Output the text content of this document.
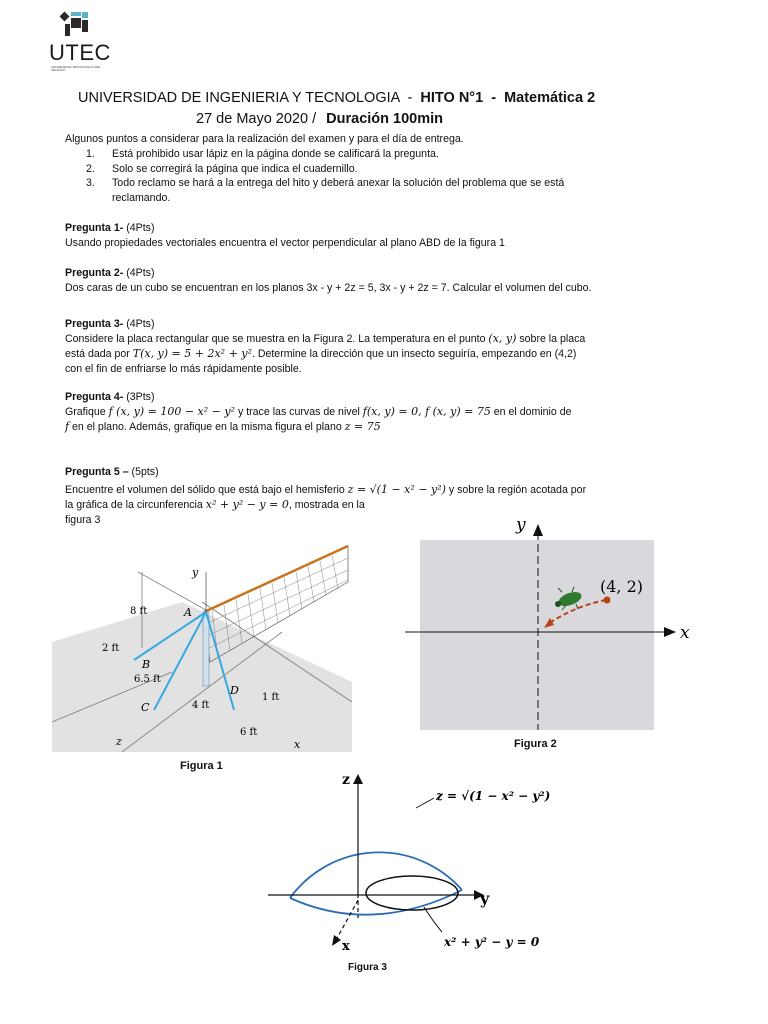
UTEC
UNIVERSIDAD TECNOLÓGICA DEL URUGUAY
UNIVERSIDAD DE INGENIERIA Y TECNOLOGIA - HITO N°1 - Matemática 2
27 de Mayo 2020 / Duración 100min
Algunos puntos a considerar para la realización del examen y para el día de entrega.
1. Está prohibido usar lápiz en la página donde se calificará la pregunta.
2. Solo se corregirá la página que indica el cuadernillo.
3. Todo reclamo se hará a la entrega del hito y deberá anexar la solución del problema que se está
reclamando.
Pregunta 1- (4Pts)
Usando propiedades vectoriales encuentra el vector perpendicular al plano ABD de la figura 1
Pregunta 2- (4Pts)
Dos caras de un cubo se encuentran en los planos 3x - y + 2z = 5, 3x - y + 2z = 7. Calcular el volumen del cubo.
Pregunta 3- (4Pts)
Considere la placa rectangular que se muestra en la Figura 2. La temperatura en el punto (x, y) sobre la placa
está dada por T(x, y) = 5 + 2x² + y². Determine la dirección que un insecto seguiría, empezando en (4,2)
con el fin de enfriarse lo más rápidamente posible.
Pregunta 4- (3Pts)
Grafique f (x, y) = 100 − x² − y² y trace las curvas de nivel f(x, y) = 0, f (x, y) = 75 en el dominio de
f en el plano. Además, grafique en la misma figura el plano z = 75
Pregunta 5 – (5pts)
Encuentre el volumen del sólido que está bajo el hemisferio z = √(1 − x² − y²) y sobre la región acotada por
la gráfica de la circunferencia x² + y² − y = 0, mostrada en la
figura 3
y
z	x
8 ft
2 ft
6.5 ft
4 ft
1 ft
6 ft
A
B
C
D
Figura 1
x
y
(4, 2)
Figura 2
z
y
x
z = √(1 − x² − y²)
x² + y² − y = 0
Figura 3
